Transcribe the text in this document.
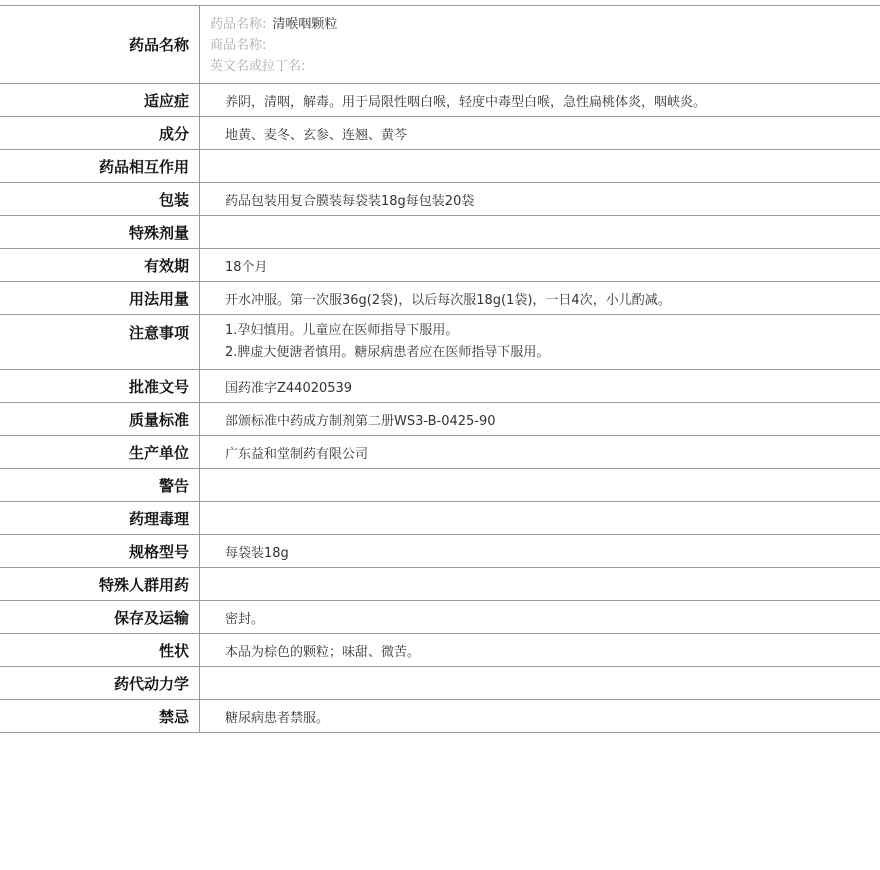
药品名称
药品名称: 清喉咽颗粒
商品名称:
英文名或拉丁名:
适应症	养阴，清咽，解毒。用于局限性咽白喉，轻度中毒型白喉，急性扁桃体炎，咽峡炎。
成分	地黄、麦冬、玄参、连翘、黄芩
药品相互作用
包装	药品包装用复合膜装每袋装18g每包装20袋
特殊剂量
有效期	18个月
用法用量	开水冲服。第一次服36g(2袋)，以后每次服18g(1袋)，一日4次，小儿酌减。
注意事项	1.孕妇慎用。儿童应在医师指导下服用。
2.脾虚大便溏者慎用。糖尿病患者应在医师指导下服用。
批准文号	国药准字Z44020539
质量标准	部颁标准中药成方制剂第二册WS3-B-0425-90
生产单位	广东益和堂制药有限公司
警告
药理毒理
规格型号	每袋装18g
特殊人群用药
保存及运输	密封。
性状	本品为棕色的颗粒；味甜、微苦。
药代动力学
禁忌	糖尿病患者禁服。
